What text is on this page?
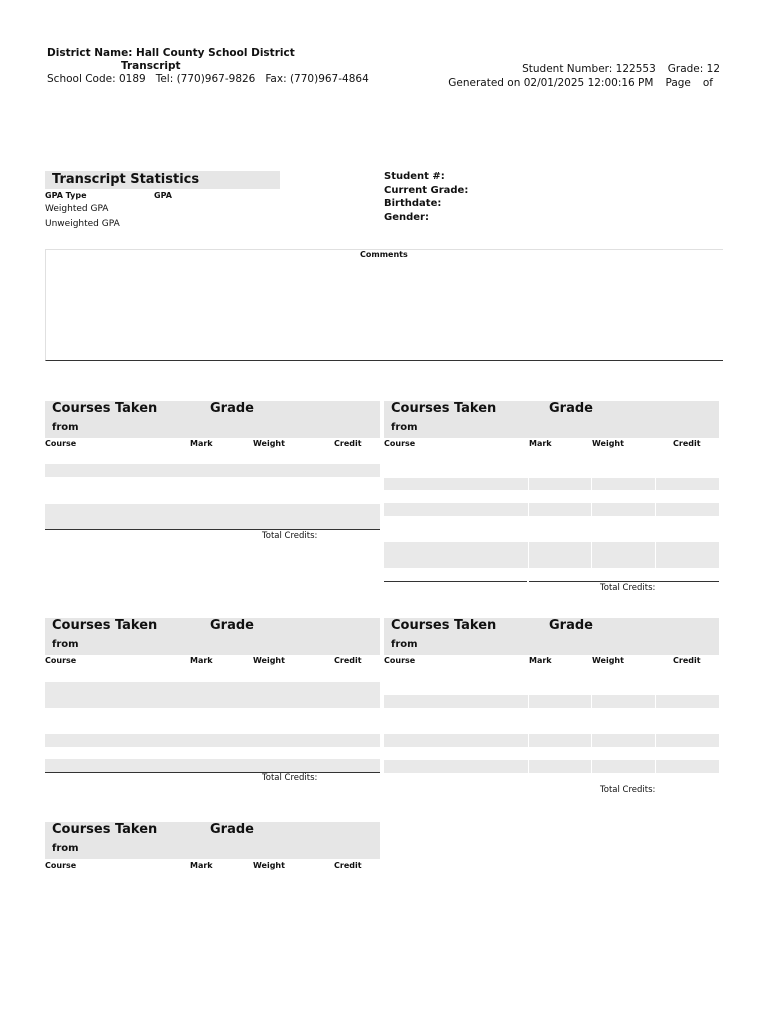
District Name: Hall County School District
Transcript
School Code: 0189 Tel: (770)967-9826 Fax: (770)967-4864
Student Number: 122553 Grade: 12
Generated on 02/01/2025 12:00:16 PM Page of
Transcript Statistics
GPA Type	GPA
Weighted GPA
Unweighted GPA
Student #:
Current Grade:
Birthdate:
Gender:
Comments
Courses Taken	Grade
from
Course	Mark	Weight	Credit
Total Credits:
Courses Taken	Grade
from
Course	Mark	Weight	Credit
Total Credits:
Courses Taken	Grade
from
Course	Mark	Weight	Credit
Total Credits:
Courses Taken	Grade
from
Course	Mark	Weight	Credit
Total Credits:
Courses Taken	Grade
from
Course	Mark	Weight	Credit
